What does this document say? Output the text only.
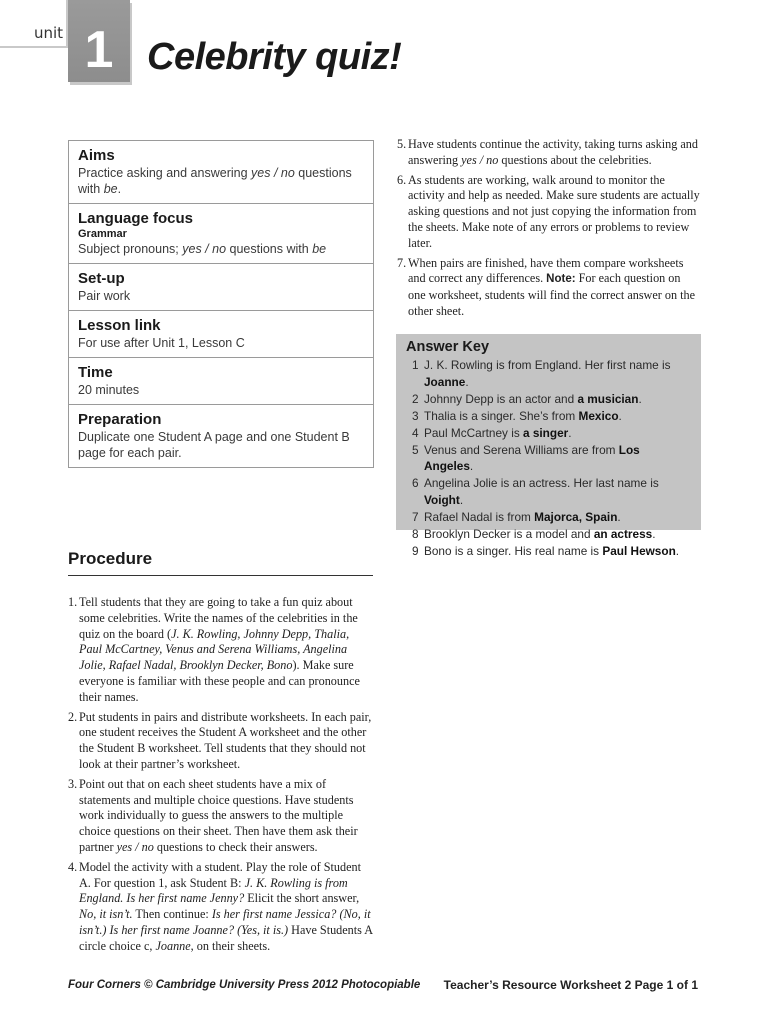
unit 1 Celebrity quiz!
Aims
Practice asking and answering yes / no questions with be.
Language focus
Grammar
Subject pronouns; yes / no questions with be
Set-up
Pair work
Lesson link
For use after Unit 1, Lesson C
Time
20 minutes
Preparation
Duplicate one Student A page and one Student B page for each pair.
Procedure
1. Tell students that they are going to take a fun quiz about some celebrities. Write the names of the celebrities in the quiz on the board (J. K. Rowling, Johnny Depp, Thalia, Paul McCartney, Venus and Serena Williams, Angelina Jolie, Rafael Nadal, Brooklyn Decker, Bono). Make sure everyone is familiar with these people and can pronounce their names.
2. Put students in pairs and distribute worksheets. In each pair, one student receives the Student A worksheet and the other the Student B worksheet. Tell students that they should not look at their partner’s worksheet.
3. Point out that on each sheet students have a mix of statements and multiple choice questions. Have students work individually to guess the answers to the multiple choice questions on their sheet. Then have them ask their partner yes / no questions to check their answers.
4. Model the activity with a student. Play the role of Student A. For question 1, ask Student B: J. K. Rowling is from England. Is her first name Jenny? Elicit the short answer, No, it isn’t. Then continue: Is her first name Jessica? (No, it isn’t.) Is her first name Joanne? (Yes, it is.) Have Students A circle choice c, Joanne, on their sheets.
5. Have students continue the activity, taking turns asking and answering yes / no questions about the celebrities.
6. As students are working, walk around to monitor the activity and help as needed. Make sure students are actually asking questions and not just copying the information from the sheets. Make note of any errors or problems to review later.
7. When pairs are finished, have them compare worksheets and correct any differences. Note: For each question on one worksheet, students will find the correct answer on the other sheet.
Answer Key
1 J. K. Rowling is from England. Her first name is Joanne.
2 Johnny Depp is an actor and a musician.
3 Thalia is a singer. She’s from Mexico.
4 Paul McCartney is a singer.
5 Venus and Serena Williams are from Los Angeles.
6 Angelina Jolie is an actress. Her last name is Voight.
7 Rafael Nadal is from Majorca, Spain.
8 Brooklyn Decker is a model and an actress.
9 Bono is a singer. His real name is Paul Hewson.
Four Corners © Cambridge University Press 2012 Photocopiable Teacher’s Resource Worksheet 2 Page 1 of 1
